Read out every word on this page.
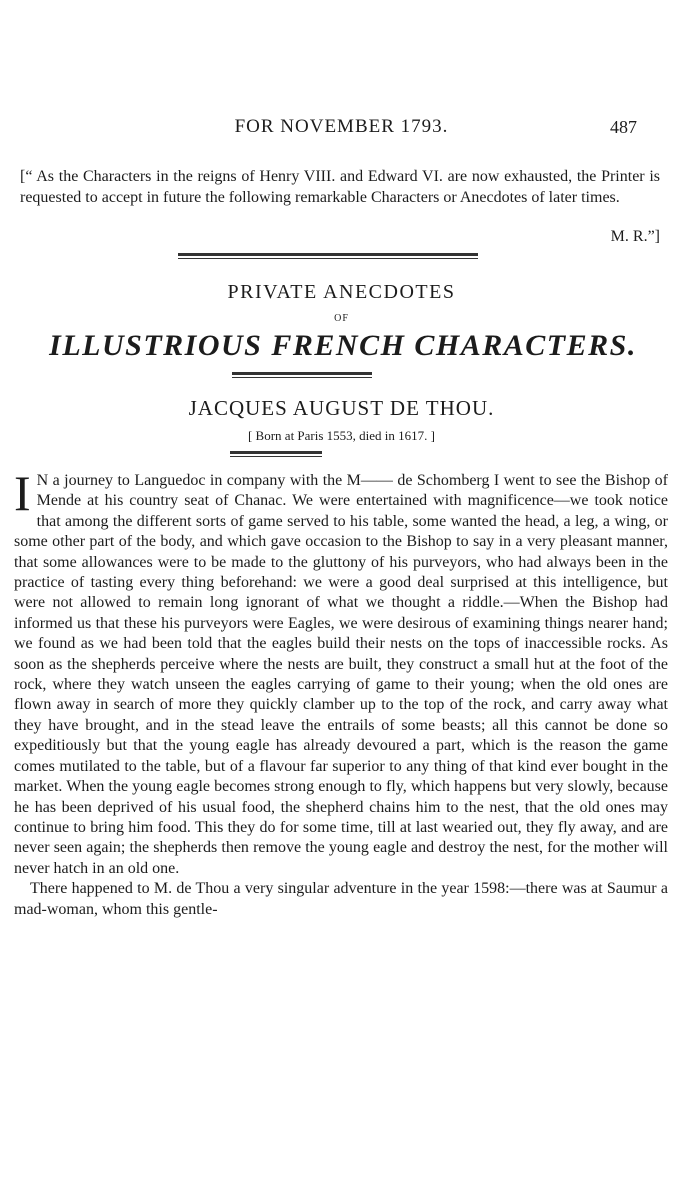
FOR NOVEMBER 1793.	487
[“ As the Characters in the reigns of Henry VIII. and Edward VI. are now exhausted, the Printer is requested to accept in future the following remarkable Characters or Anecdotes of later times.
M. R.”]
PRIVATE ANECDOTES
OF
ILLUSTRIOUS FRENCH CHARACTERS.
JACQUES AUGUST DE THOU.
[ Born at Paris 1553, died in 1617. ]

I N a journey to Languedoc in company with the M—— de Schomberg I went to see the Bishop of Mende at his country seat of Chanac. We were entertained with magnificence—we took notice that among the different sorts of game served to his table, some wanted the head, a leg, a wing, or some other part of the body, and which gave occasion to the Bishop to say in a very pleasant manner, that some allowances were to be made to the gluttony of his purveyors, who had always been in the practice of tasting every thing beforehand: we were a good deal surprised at this intelligence, but were not allowed to remain long ignorant of what we thought a riddle.—When the Bishop had informed us that these his purveyors were Eagles, we were desirous of examining things nearer hand; we found as we had been told that the eagles build their nests on the tops of inaccessible rocks. As soon as the shepherds perceive where the nests are built, they construct a small hut at the foot of the rock, where they watch unseen the eagles carrying of game to their young; when the old ones are flown away in search of more they quickly clamber up to the top of the rock, and carry away what they have brought, and in the stead leave the entrails of some beasts; all this cannot be done so expeditiously but that the young eagle has already devoured a part, which is the reason the game comes mutilated to the table, but of a flavour far superior to any thing of that kind ever bought in the market. When the young eagle becomes strong enough to fly, which happens but very slowly, because he has been deprived of his usual food, the shepherd chains him to the nest, that the old ones may continue to bring him food. This they do for some time, till at last wearied out, they fly away, and are never seen again; the shepherds then remove the young eagle and destroy the nest, for the mother will never hatch in an old one.

There happened to M. de Thou a very singular adventure in the year 1598:—there was at Saumur a mad-woman, whom this gentle-
